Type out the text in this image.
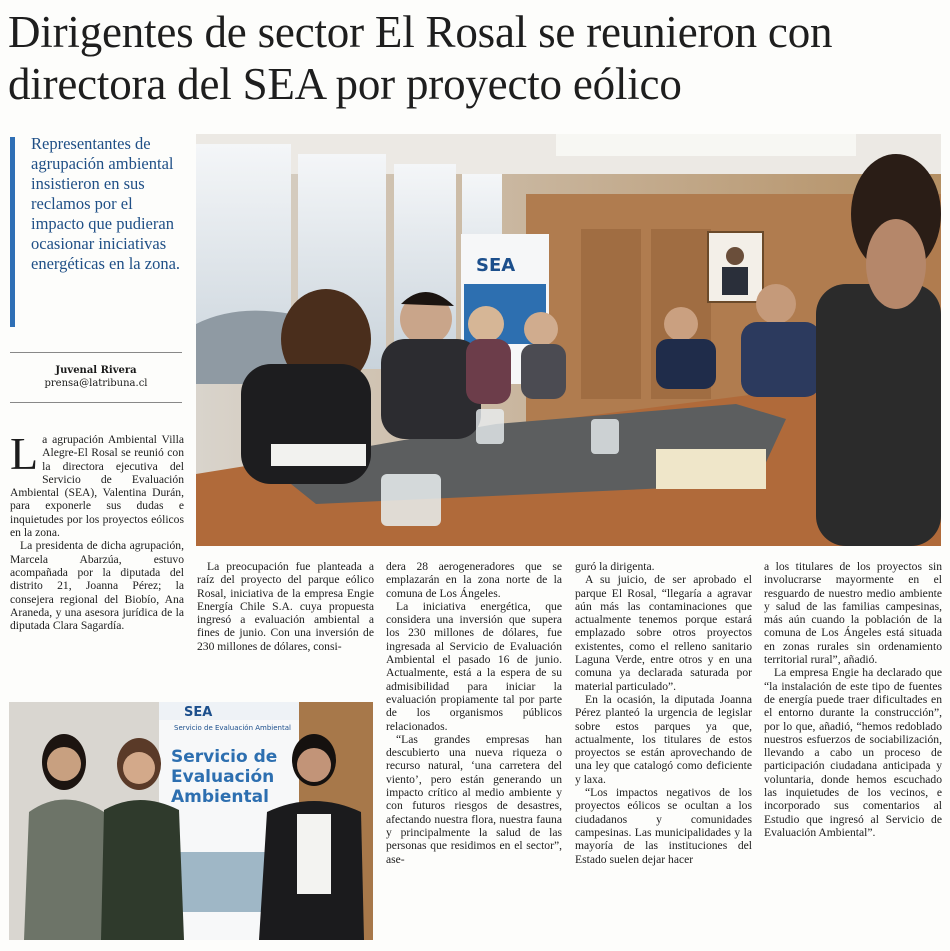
Dirigentes de sector El Rosal se reunieron con directora del SEA por proyecto eólico
Representantes de agrupación ambiental insistieron en sus reclamos por el impacto que pudieran ocasionar iniciativas energéticas en la zona.
Juvenal Rivera
prensa@latribuna.cl

La agrupación Ambiental Villa Alegre-El Rosal se reunió con la directora ejecutiva del Servicio de Evaluación Ambiental (SEA), Valentina Durán, para exponerle sus dudas e inquietudes por los proyectos eólicos en la zona.

La presidenta de dicha agrupación, Marcela Abarzúa, estuvo acompañada por la diputada del distrito 21, Joanna Pérez; la consejera regional del Biobío, Ana Araneda, y una asesora jurídica de la diputada Clara Sagardía.

La preocupación fue planteada a raíz del proyecto del parque eólico Rosal, iniciativa de la empresa Engie Energía Chile S.A. cuya propuesta ingresó a evaluación ambiental a fines de junio. Con una inversión de 230 millones de dólares, consi-

dera 28 aerogeneradores que se emplazarán en la zona norte de la comuna de Los Ángeles.

La iniciativa energética, que considera una inversión que supera los 230 millones de dólares, fue ingresada al Servicio de Evaluación Ambiental el pasado 16 de junio. Actualmente, está a la espera de su admisibilidad para iniciar la evaluación propiamente tal por parte de los organismos públicos relacionados.

“Las grandes empresas han descubierto una nueva riqueza o recurso natural, ‘una carretera del viento’, pero están generando un impacto crítico al medio ambiente y con futuros riesgos de desastres, afectando nuestra flora, nuestra fauna y principalmente la salud de las personas que residimos en el sector”, ase-

guró la dirigenta.

A su juicio, de ser aprobado el parque El Rosal, “llegaría a agravar aún más las contaminaciones que actualmente tenemos porque estará emplazado sobre otros proyectos existentes, como el relleno sanitario Laguna Verde, entre otros y en una comuna ya declarada saturada por material particulado”.

En la ocasión, la diputada Joanna Pérez planteó la urgencia de legislar sobre estos parques ya que, actualmente, los titulares de estos proyectos se están aprovechando de una ley que catalogó como deficiente y laxa.

“Los impactos negativos de los proyectos eólicos se ocultan a los ciudadanos y comunidades campesinas. Las municipalidades y la mayoría de las instituciones del Estado suelen dejar hacer

a los titulares de los proyectos sin involucrarse mayormente en el resguardo de nuestro medio ambiente y salud de las familias campesinas, más aún cuando la población de la comuna de Los Ángeles está situada en zonas rurales sin ordenamiento territorial rural”, añadió.

La empresa Engie ha declarado que “la instalación de este tipo de fuentes de energía puede traer dificultades en el entorno durante la construcción”, por lo que, añadió, “hemos redoblado nuestros esfuerzos de sociabilización, llevando a cabo un proceso de participación ciudadana anticipada y voluntaria, donde hemos escuchado las inquietudes de los vecinos, e incorporado sus comentarios al Estudio que ingresó al Servicio de Evaluación Ambiental”.

SEA
SEA
Servicio de Evaluación Ambiental
Servicio de
Evaluación
Ambiental
